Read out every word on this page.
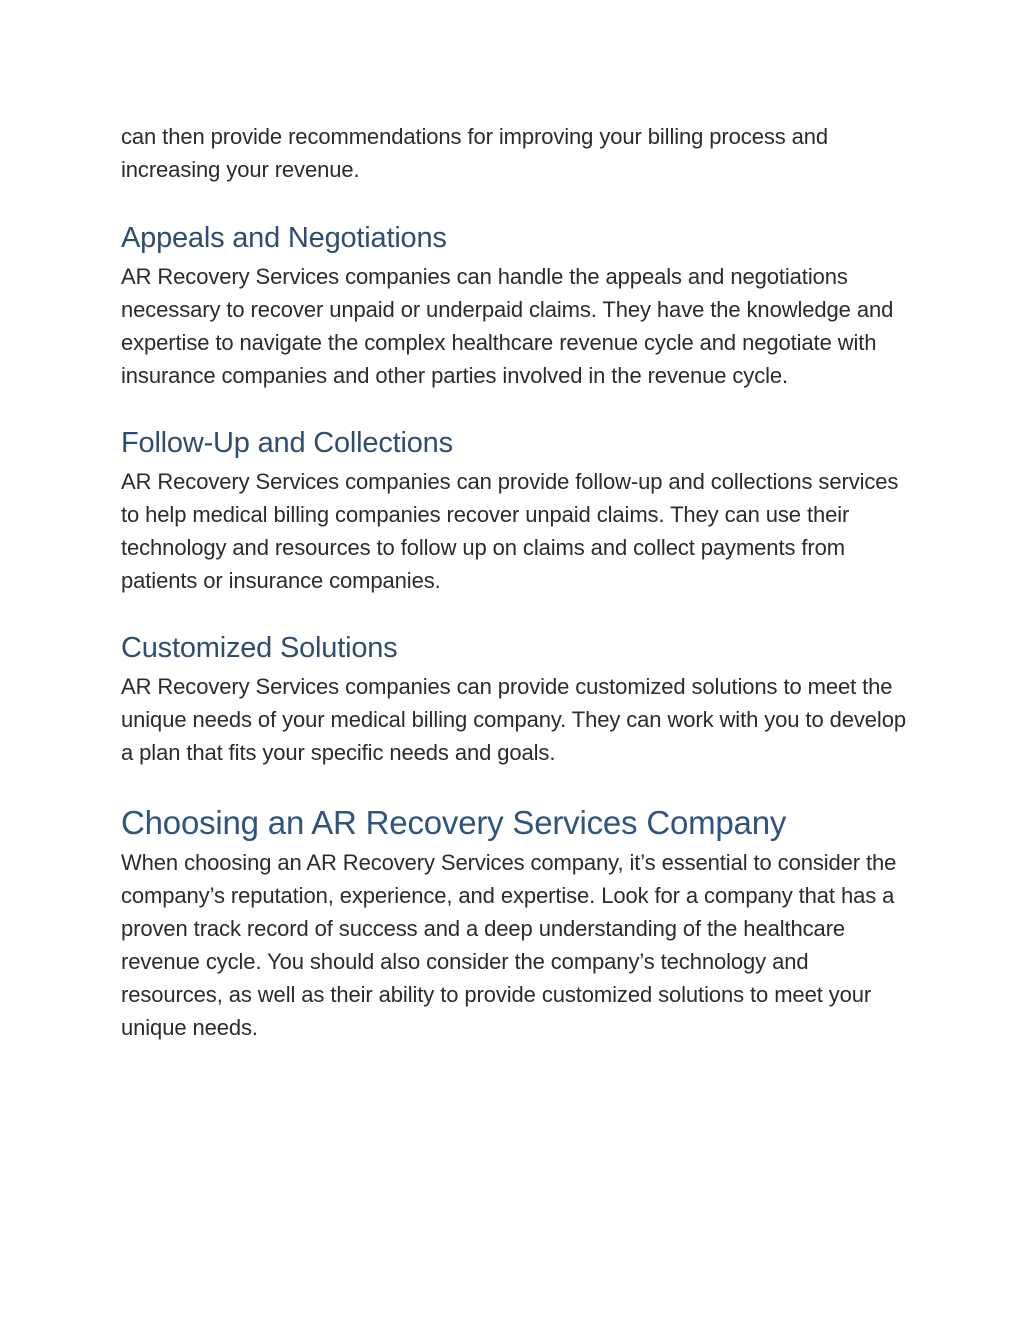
can then provide recommendations for improving your billing process and increasing your revenue.

Appeals and Negotiations

AR Recovery Services companies can handle the appeals and negotiations necessary to recover unpaid or underpaid claims. They have the knowledge and expertise to navigate the complex healthcare revenue cycle and negotiate with insurance companies and other parties involved in the revenue cycle.

Follow-Up and Collections

AR Recovery Services companies can provide follow-up and collections services to help medical billing companies recover unpaid claims. They can use their technology and resources to follow up on claims and collect payments from patients or insurance companies.

Customized Solutions

AR Recovery Services companies can provide customized solutions to meet the unique needs of your medical billing company. They can work with you to develop a plan that fits your specific needs and goals.

Choosing an AR Recovery Services Company

When choosing an AR Recovery Services company, it’s essential to consider the company’s reputation, experience, and expertise. Look for a company that has a proven track record of success and a deep understanding of the healthcare revenue cycle. You should also consider the company’s technology and resources, as well as their ability to provide customized solutions to meet your unique needs.
